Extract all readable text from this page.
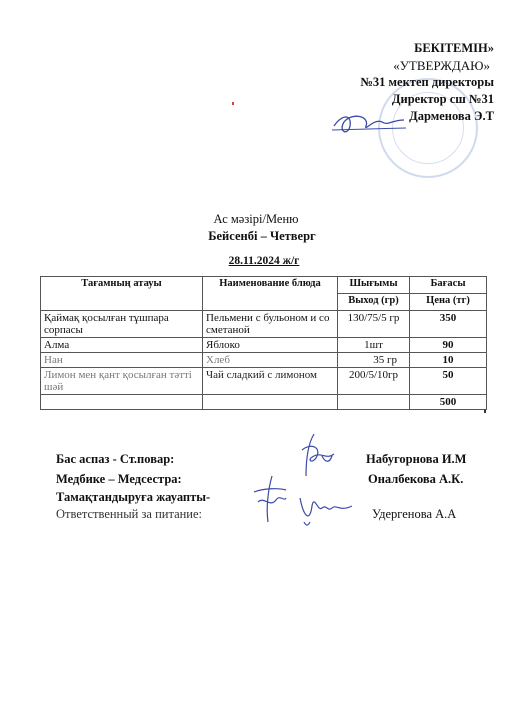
БЕКІТЕМІН»
«УТВЕРЖДАЮ»
№31 мектеп директоры
Директор сш №31
Дарменова Э.Т
Ас мәзірі/Меню
Бейсенбі – Четверг
28.11.2024 ж/г
Тағамның атауы	Наименование блюда	Шығымы	Бағасы
		Выход (гр)	Цена (тг)
Қаймақ қосылған тұшпара сорпасы	Пельмени с бульоном и со сметаной	130/75/5 гр	350
Алма	Яблоко	1шт	90
Нан	Хлеб	35 гр	10
Лимон мен қант қосылған тәтті шәй	Чай сладкий с лимоном	200/5/10гр	50
			500
Бас аспаз - Ст.повар:	Набугорнова И.М
Медбике – Медсестра:	Оналбекова А.К.
Тамақтандыруға жауапты-
Ответственный за питание:	Удергенова А.А
